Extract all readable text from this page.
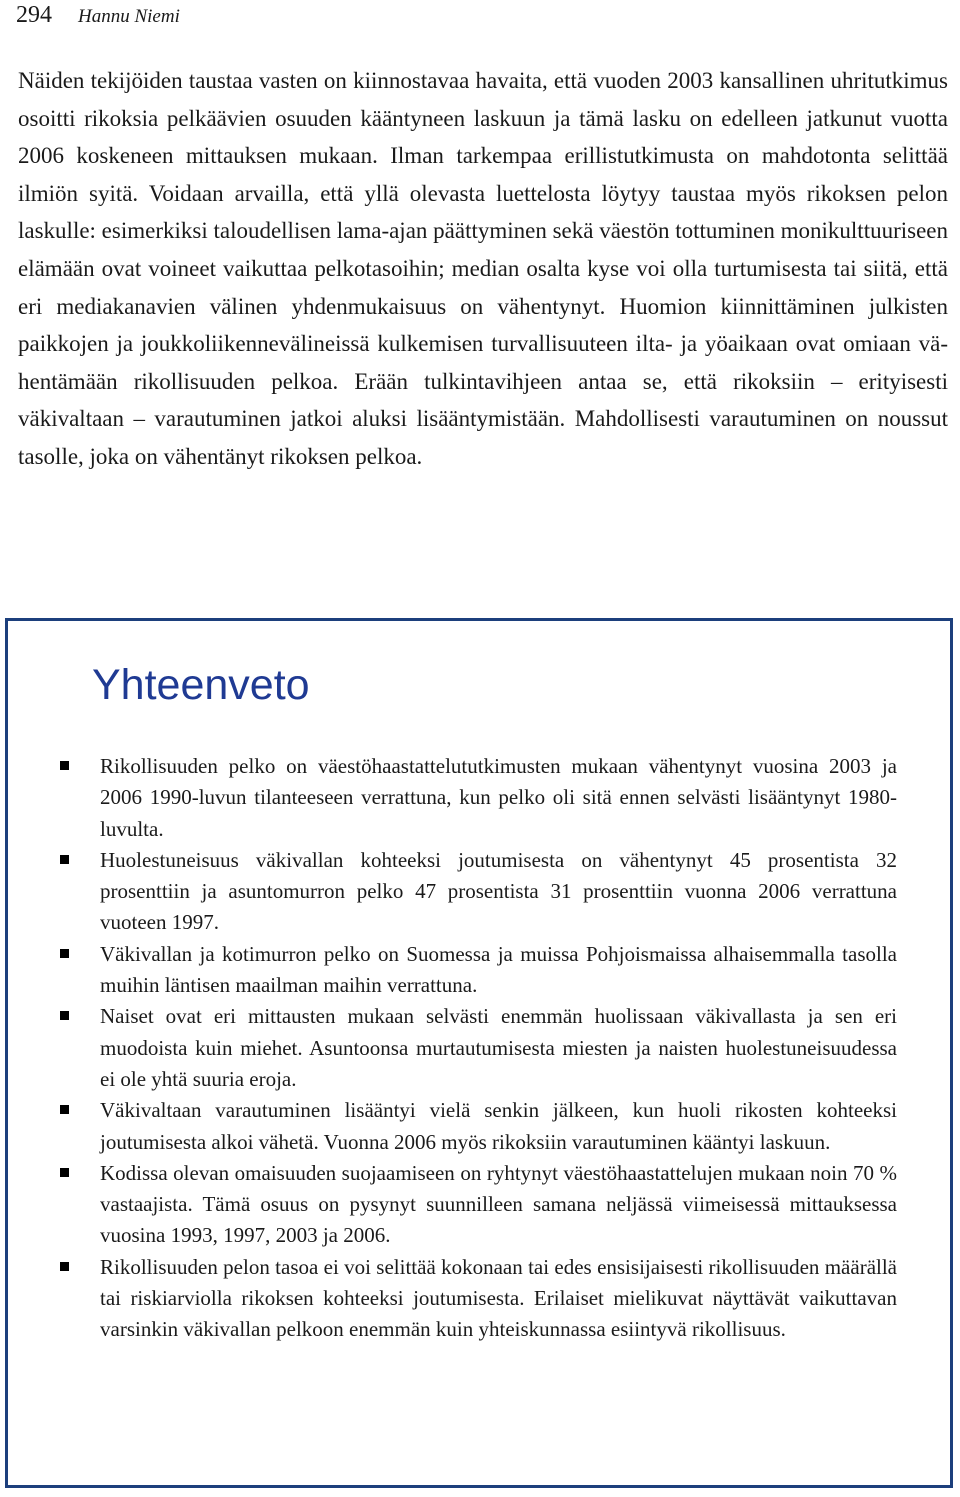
294 Hannu Niemi

Näiden tekijöiden taustaa vasten on kiinnostavaa havaita, että vuoden 2003 kansallinen uhritutkimus osoitti rikoksia pelkäävien osuuden kääntyneen laskuun ja tämä lasku on edelleen jatkunut vuotta 2006 koskeneen mittauksen mukaan. Ilman tarkempaa erillistutkimusta on mahdotonta selittää ilmiön syitä. Voidaan arvailla, että yllä olevasta luettelosta löytyy taustaa myös rikoksen pelon laskulle: esimerkiksi taloudellisen lama-ajan päättyminen sekä väestön tottuminen monikulttuuriseen elämään ovat voineet vaikuttaa pelkotasoihin; median osalta kyse voi olla turtumisesta tai siitä, että eri mediakanavien välinen yhdenmukaisuus on vähentynyt. Huomion kiinnittäminen julkisten paikkojen ja joukkoliikennevälineissä kulkemisen turvallisuuteen ilta- ja yöaikaan ovat omiaan vähentämään rikollisuuden pelkoa. Erään tulkintavihjeen antaa se, että rikoksiin – erityisesti väkivaltaan – varautuminen jatkoi aluksi lisääntymistään. Mahdollisesti varautuminen on noussut tasolle, joka on vähentänyt rikoksen pelkoa.

Yhteenveto
Rikollisuuden pelko on väestöhaastattelututkimusten mukaan vähentynyt vuosina 2003 ja 2006 1990-luvun tilanteeseen verrattuna, kun pelko oli sitä ennen selvästi lisääntynyt 1980-luvulta.
Huolestuneisuus väkivallan kohteeksi joutumisesta on vähentynyt 45 prosentista 32 prosenttiin ja asuntomurron pelko 47 prosentista 31 prosenttiin vuonna 2006 verrattuna vuoteen 1997.
Väkivallan ja kotimurron pelko on Suomessa ja muissa Pohjoismaissa alhaisemmalla tasolla muihin läntisen maailman maihin verrattuna.
Naiset ovat eri mittausten mukaan selvästi enemmän huolissaan väkivallasta ja sen eri muodoista kuin miehet. Asuntoonsa murtautumisesta miesten ja naisten huolestuneisuudessa ei ole yhtä suuria eroja.
Väkivaltaan varautuminen lisääntyi vielä senkin jälkeen, kun huoli rikosten kohteeksi joutumisesta alkoi vähetä. Vuonna 2006 myös rikoksiin varautuminen kääntyi laskuun.
Kodissa olevan omaisuuden suojaamiseen on ryhtynyt väestöhaastattelujen mukaan noin 70 % vastaajista. Tämä osuus on pysynyt suunnilleen samana neljässä viimeisessä mittauksessa vuosina 1993, 1997, 2003 ja 2006.
Rikollisuuden pelon tasoa ei voi selittää kokonaan tai edes ensisijaisesti rikollisuuden määrällä tai riskiarviolla rikoksen kohteeksi joutumisesta. Erilaiset mielikuvat näyttävät vaikuttavan varsinkin väkivallan pelkoon enemmän kuin yhteiskunnassa esiintyvä rikollisuus.
